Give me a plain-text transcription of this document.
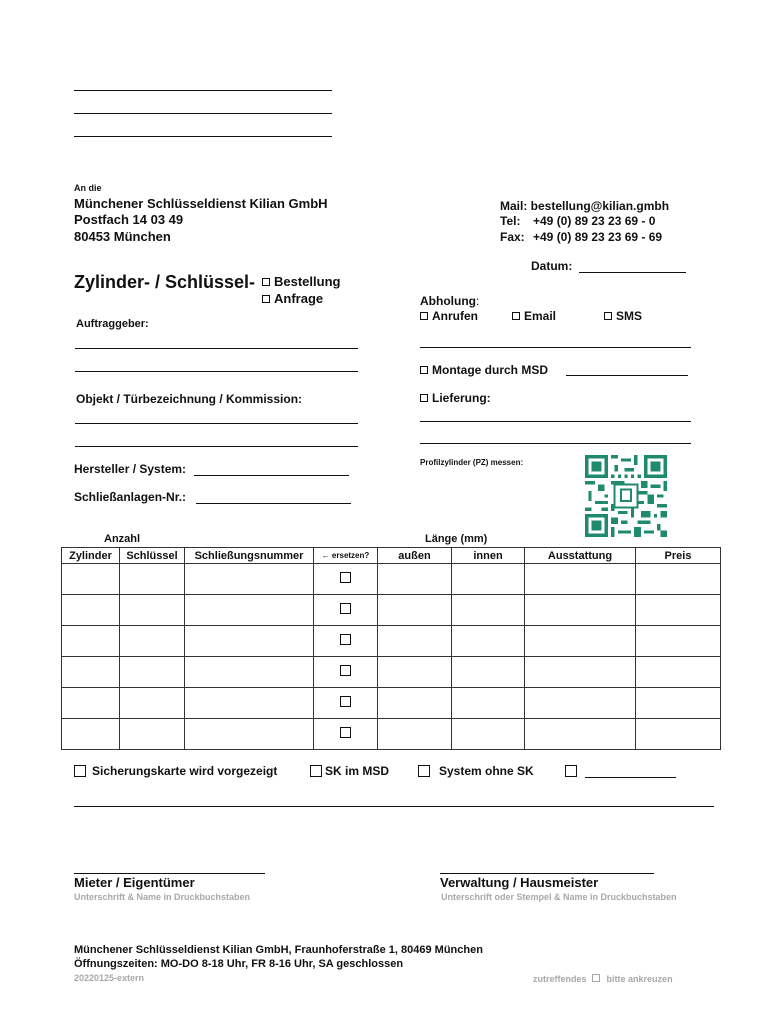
An die
Münchener Schlüsseldienst Kilian GmbH
Postfach 14 03 49
80453 München
Mail: bestellung@kilian.gmbh
Tel: +49 (0) 89 23 23 69 - 0
Fax: +49 (0) 89 23 23 69 - 69
Datum:
Zylinder- / Schlüssel-	Bestellung
Anfrage	Abholung:
Anrufen	Email	SMS
Auftraggeber:
Montage durch MSD
Lieferung:
Objekt / Türbezeichnung / Kommission:
Hersteller / System:
Schließanlagen-Nr.:
Profilzylinder (PZ) messen:
Anzahl	Länge (mm)
Zylinder	Schlüssel	Schließungsnummer	← ersetzen?	außen	innen	Ausstattung	Preis

Sicherungskarte wird vorgezeigt	SK im MSD	System ohne SK
Mieter / Eigentümer
Unterschrift & Name in Druckbuchstaben
Verwaltung / Hausmeister
Unterschrift oder Stempel & Name in Druckbuchstaben
Münchener Schlüsseldienst Kilian GmbH, Fraunhoferstraße 1, 80469 München
Öffnungszeiten: MO-DO 8-18 Uhr, FR 8-16 Uhr, SA geschlossen
20220125-extern	zutreffendes bitte ankreuzen
